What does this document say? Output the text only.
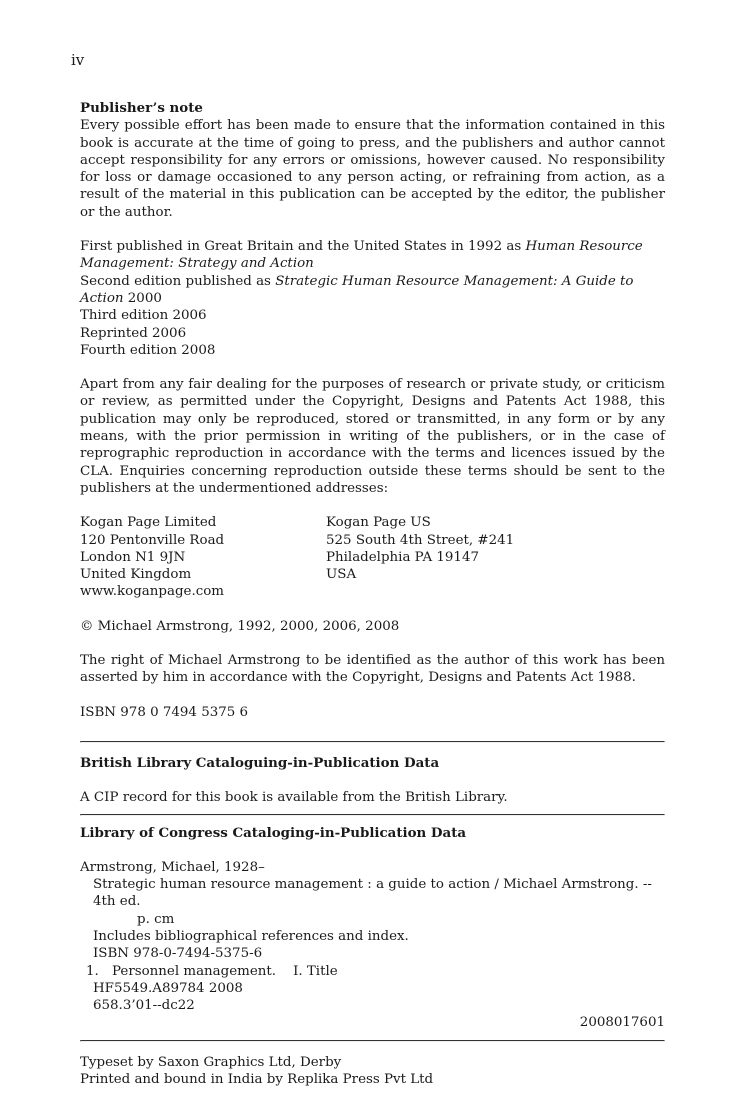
iv

Publisher’s note

Every possible effort has been made to ensure that the information contained in this book is accurate at the time of going to press, and the publishers and author cannot accept responsibility for any errors or omissions, however caused. No responsibility for loss or damage occasioned to any person acting, or refraining from action, as a result of the material in this publication can be accepted by the editor, the publisher or the author.

First published in Great Britain and the United States in 1992 as Human Resource Management: Strategy and Action

Second edition published as Strategic Human Resource Management: A Guide to Action 2000

Third edition 2006

Reprinted 2006

Fourth edition 2008

Apart from any fair dealing for the purposes of research or private study, or criticism or review, as permitted under the Copyright, Designs and Patents Act 1988, this publication may only be reproduced, stored or transmitted, in any form or by any means, with the prior permission in writing of the publishers, or in the case of reprographic reproduction in accordance with the terms and licences issued by the CLA. Enquiries concerning reproduction outside these terms should be sent to the publishers at the undermentioned addresses:

Kogan Page Limited

120 Pentonville Road

London N1 9JN

United Kingdom

www.koganpage.com

Kogan Page US

525 South 4th Street, #241

Philadelphia PA 19147

USA

© Michael Armstrong, 1992, 2000, 2006, 2008

The right of Michael Armstrong to be identified as the author of this work has been asserted by him in accordance with the Copyright, Designs and Patents Act 1988.

ISBN 978 0 7494 5375 6

British Library Cataloguing-in-Publication Data

A CIP record for this book is available from the British Library.

Library of Congress Cataloging-in-Publication Data

Armstrong, Michael, 1928–

Strategic human resource management : a guide to action / Michael Armstrong. -- 4th ed.

p. cm

Includes bibliographical references and index.

ISBN 978-0-7494-5375-6

1. Personnel management.    I. Title

HF5549.A89784 2008

658.3’01--dc22

2008017601

Typeset by Saxon Graphics Ltd, Derby

Printed and bound in India by Replika Press Pvt Ltd
